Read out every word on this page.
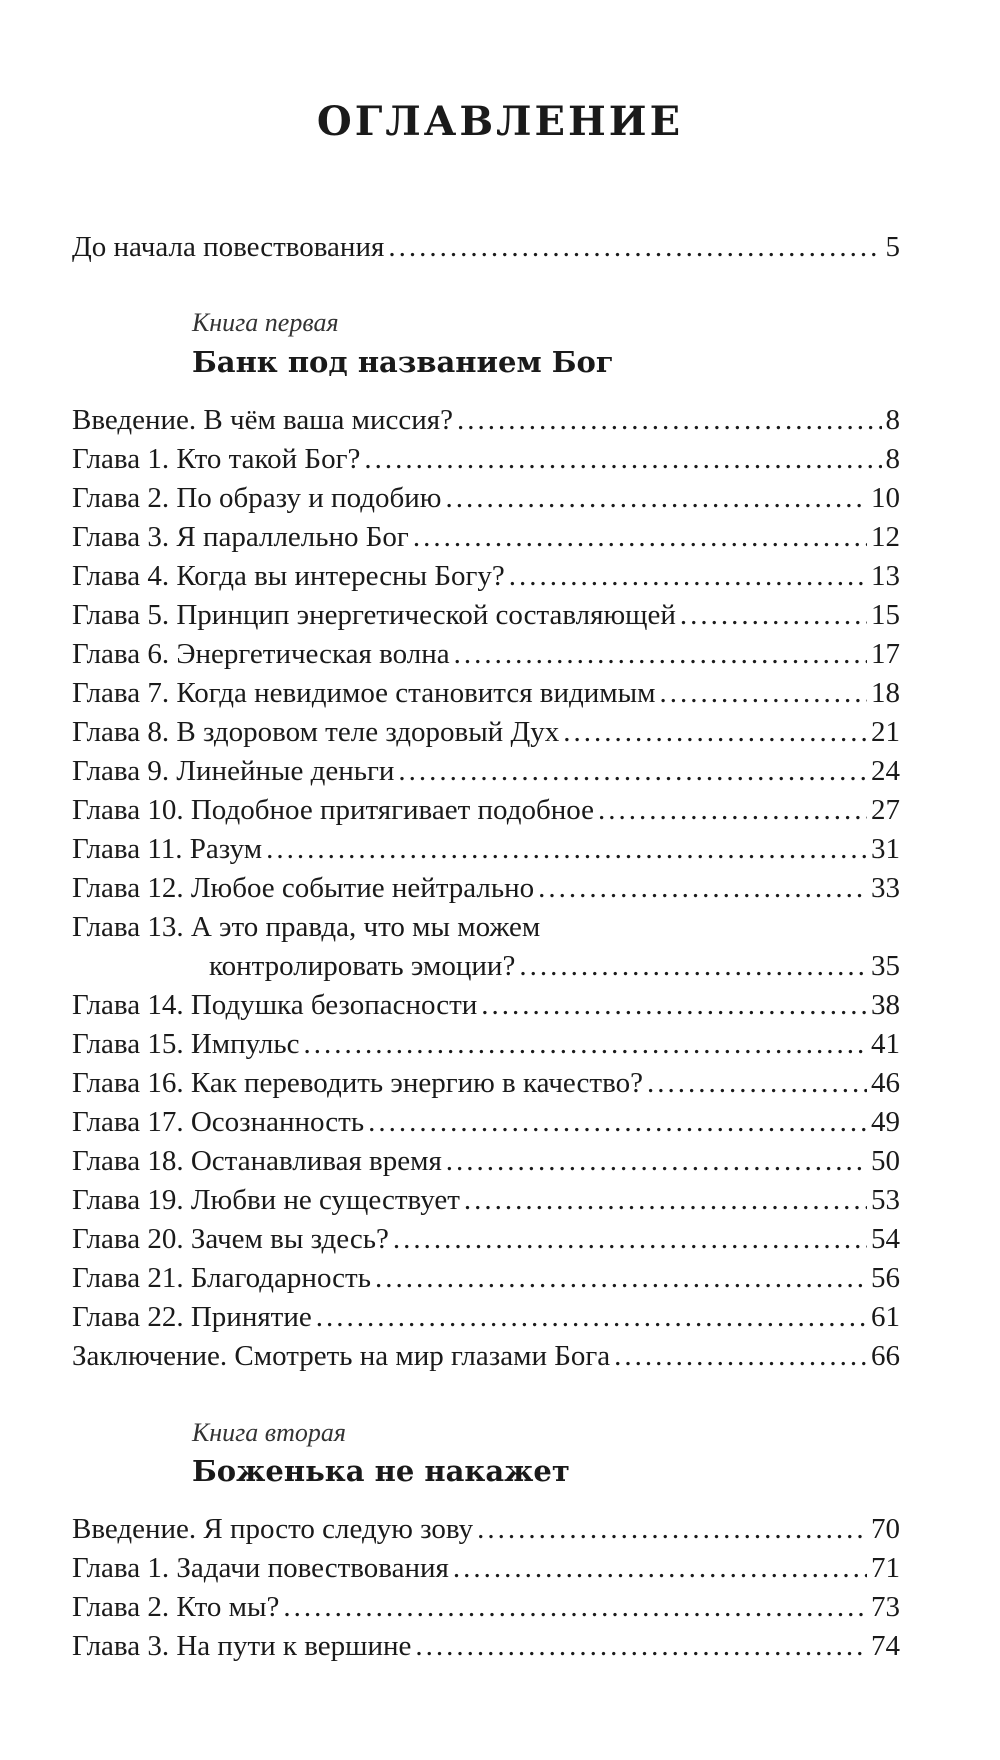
ОГЛАВЛЕНИЕ
До начала повествования .....	5

Книга первая

Банк под названием Бог
Введение. В чём ваша миссия? .....	8
Глава 1. Кто такой Бог? .....	8
Глава 2. По образу и подобию .....	10
Глава 3. Я параллельно Бог .....	12
Глава 4. Когда вы интересны Богу? .....	13
Глава 5. Принцип энергетической составляющей .....	15
Глава 6. Энергетическая волна .....	17
Глава 7. Когда невидимое становится видимым .....	18
Глава 8. В здоровом теле здоровый Дух .....	21
Глава 9. Линейные деньги .....	24
Глава 10. Подобное притягивает подобное .....	27
Глава 11. Разум .....	31
Глава 12. Любое событие нейтрально .....	33
Глава 13. А это правда, что мы можем
контролировать эмоции? .....	35
Глава 14. Подушка безопасности .....	38
Глава 15. Импульс .....	41
Глава 16. Как переводить энергию в качество? .....	46
Глава 17. Осознанность .....	49
Глава 18. Останавливая время .....	50
Глава 19. Любви не существует .....	53
Глава 20. Зачем вы здесь? .....	54
Глава 21. Благодарность .....	56
Глава 22. Принятие .....	61
Заключение. Смотреть на мир глазами Бога .....	66

Книга вторая

Боженька не накажет
Введение. Я просто следую зову .....	70
Глава 1. Задачи повествования .....	71
Глава 2. Кто мы? .....	73
Глава 3. На пути к вершине .....	74
